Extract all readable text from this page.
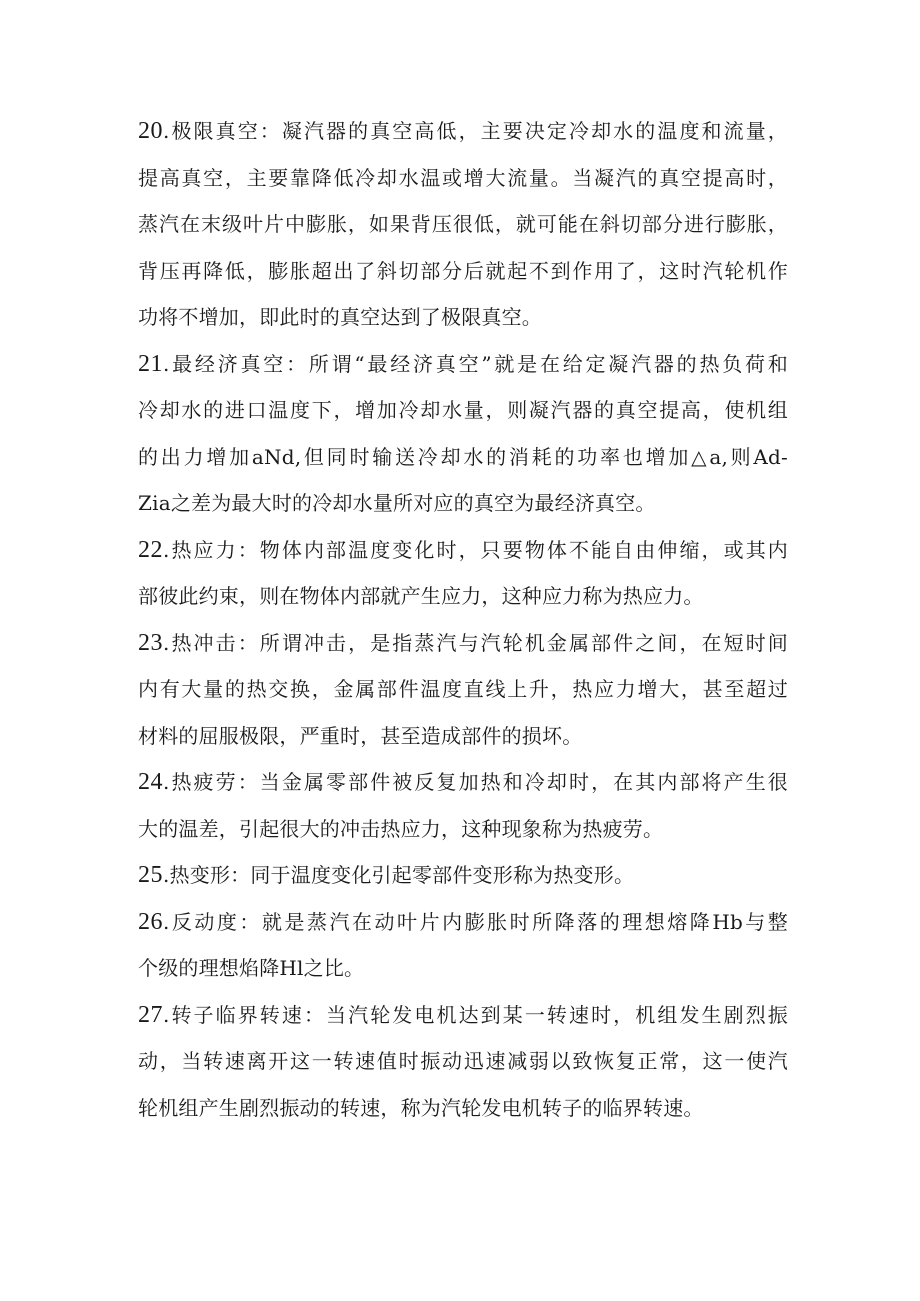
20.极限真空：凝汽器的真空高低，主要决定冷却水的温度和流量，
提高真空，主要靠降低冷却水温或增大流量。当凝汽的真空提高时，
蒸汽在末级叶片中膨胀，如果背压很低，就可能在斜切部分进行膨胀，
背压再降低，膨胀超出了斜切部分后就起不到作用了，这时汽轮机作
功将不增加，即此时的真空达到了极限真空。
21.最经济真空：所谓“最经济真空”就是在给定凝汽器的热负荷和
冷却水的进口温度下，增加冷却水量，则凝汽器的真空提高，使机组
的出力增加aNd,但同时输送冷却水的消耗的功率也增加△a,则Ad-
Zia之差为最大时的冷却水量所对应的真空为最经济真空。
22.热应力：物体内部温度变化时，只要物体不能自由伸缩，或其内
部彼此约束，则在物体内部就产生应力，这种应力称为热应力。
23.热冲击：所谓冲击，是指蒸汽与汽轮机金属部件之间，在短时间
内有大量的热交换，金属部件温度直线上升，热应力增大，甚至超过
材料的屈服极限，严重时，甚至造成部件的损坏。
24.热疲劳：当金属零部件被反复加热和冷却时，在其内部将产生很
大的温差，引起很大的冲击热应力，这种现象称为热疲劳。
25.热变形：同于温度变化引起零部件变形称为热变形。
26.反动度：就是蒸汽在动叶片内膨胀时所降落的理想熔降Hb与整
个级的理想焰降Hl之比。
27.转子临界转速：当汽轮发电机达到某一转速时，机组发生剧烈振
动，当转速离开这一转速值时振动迅速减弱以致恢复正常，这一使汽
轮机组产生剧烈振动的转速，称为汽轮发电机转子的临界转速。
